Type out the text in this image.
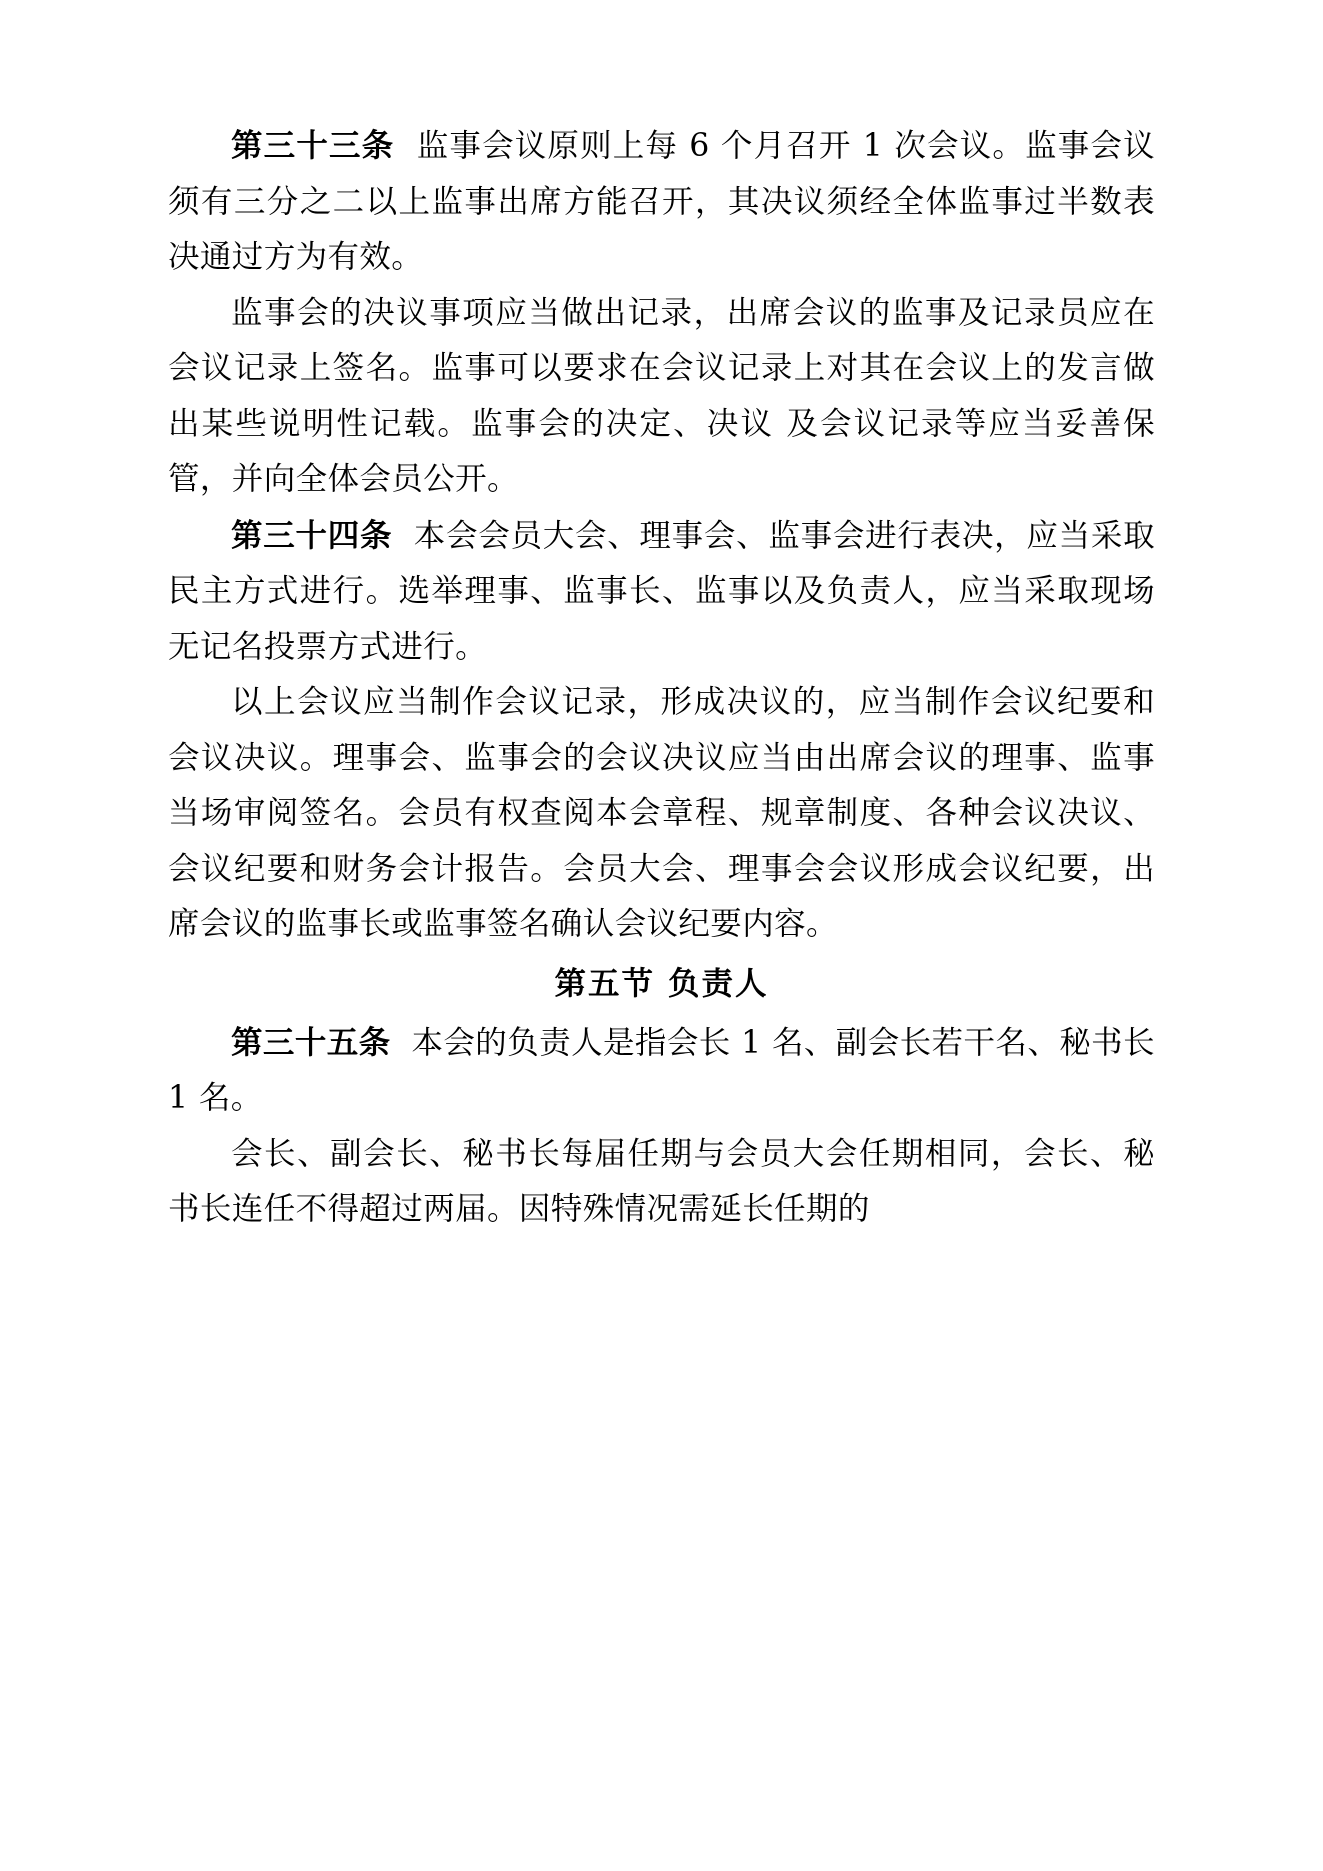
第三十三条  监事会议原则上每 6 个月召开 1 次会议。监事会议须有三分之二以上监事出席方能召开，其决议须经全体监事过半数表决通过方为有效。

监事会的决议事项应当做出记录，出席会议的监事及记录员应在会议记录上签名。监事可以要求在会议记录上对其在会议上的发言做出某些说明性记载。监事会的决定、决议 及会议记录等应当妥善保管，并向全体会员公开。

第三十四条  本会会员大会、理事会、监事会进行表决，应当采取民主方式进行。选举理事、监事长、监事以及负责人，应当采取现场无记名投票方式进行。

以上会议应当制作会议记录，形成决议的，应当制作会议纪要和会议决议。理事会、监事会的会议决议应当由出席会议的理事、监事当场审阅签名。会员有权查阅本会章程、规章制度、各种会议决议、会议纪要和财务会计报告。会员大会、理事会会议形成会议纪要，出席会议的监事长或监事签名确认会议纪要内容。

第五节 负责人

第三十五条  本会的负责人是指会长 1 名、副会长若干名、秘书长 1 名。

会长、副会长、秘书长每届任期与会员大会任期相同，会长、秘书长连任不得超过两届。因特殊情况需延长任期的
